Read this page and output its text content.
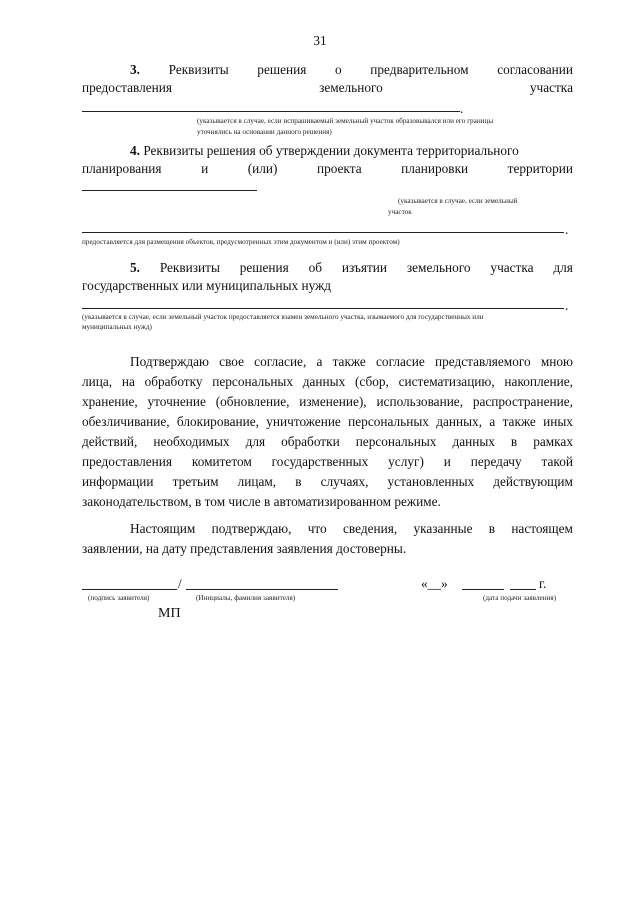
31
3. Реквизиты решения о предварительном согласовании
предоставления	земельного	участка
.
(указывается в случае, если испрашиваемый земельный участок образовывался или его границы
уточнялись на основании данного решения)
4. Реквизиты решения об утверждении документа территориального
планирования	и	(или)	проекта	планировки	территории
(указывается в случае, если земельный
участок
.
предоставляется для размещения объектов, предусмотренных этим документом и (или) этим проектом)
5. Реквизиты решения об изъятии земельного участка для
государственных или муниципальных нужд
.
(указывается в случае, если земельный участок предоставляется взамен земельного участка, изымаемого для государственных или
муниципальных нужд)
Подтверждаю свое согласие, а также согласие представляемого мною
лица, на обработку персональных данных (сбор, систематизацию, накопление,
хранение, уточнение (обновление, изменение), использование, распространение,
обезличивание, блокирование, уничтожение персональных данных, а также иных
действий, необходимых для обработки персональных данных в рамках
предоставления комитетом государственных услуг) и передачу такой
информации третьим лицам, в случаях, установленных действующим
законодательством, в том числе в автоматизированном режиме.
Настоящим подтверждаю, что сведения, указанные в настоящем
заявлении, на дату представления заявления достоверны.
/	«__»	г.
(подпись заявителя)	(Инициалы, фамилия заявителя)	(дата подачи заявления)
МП
